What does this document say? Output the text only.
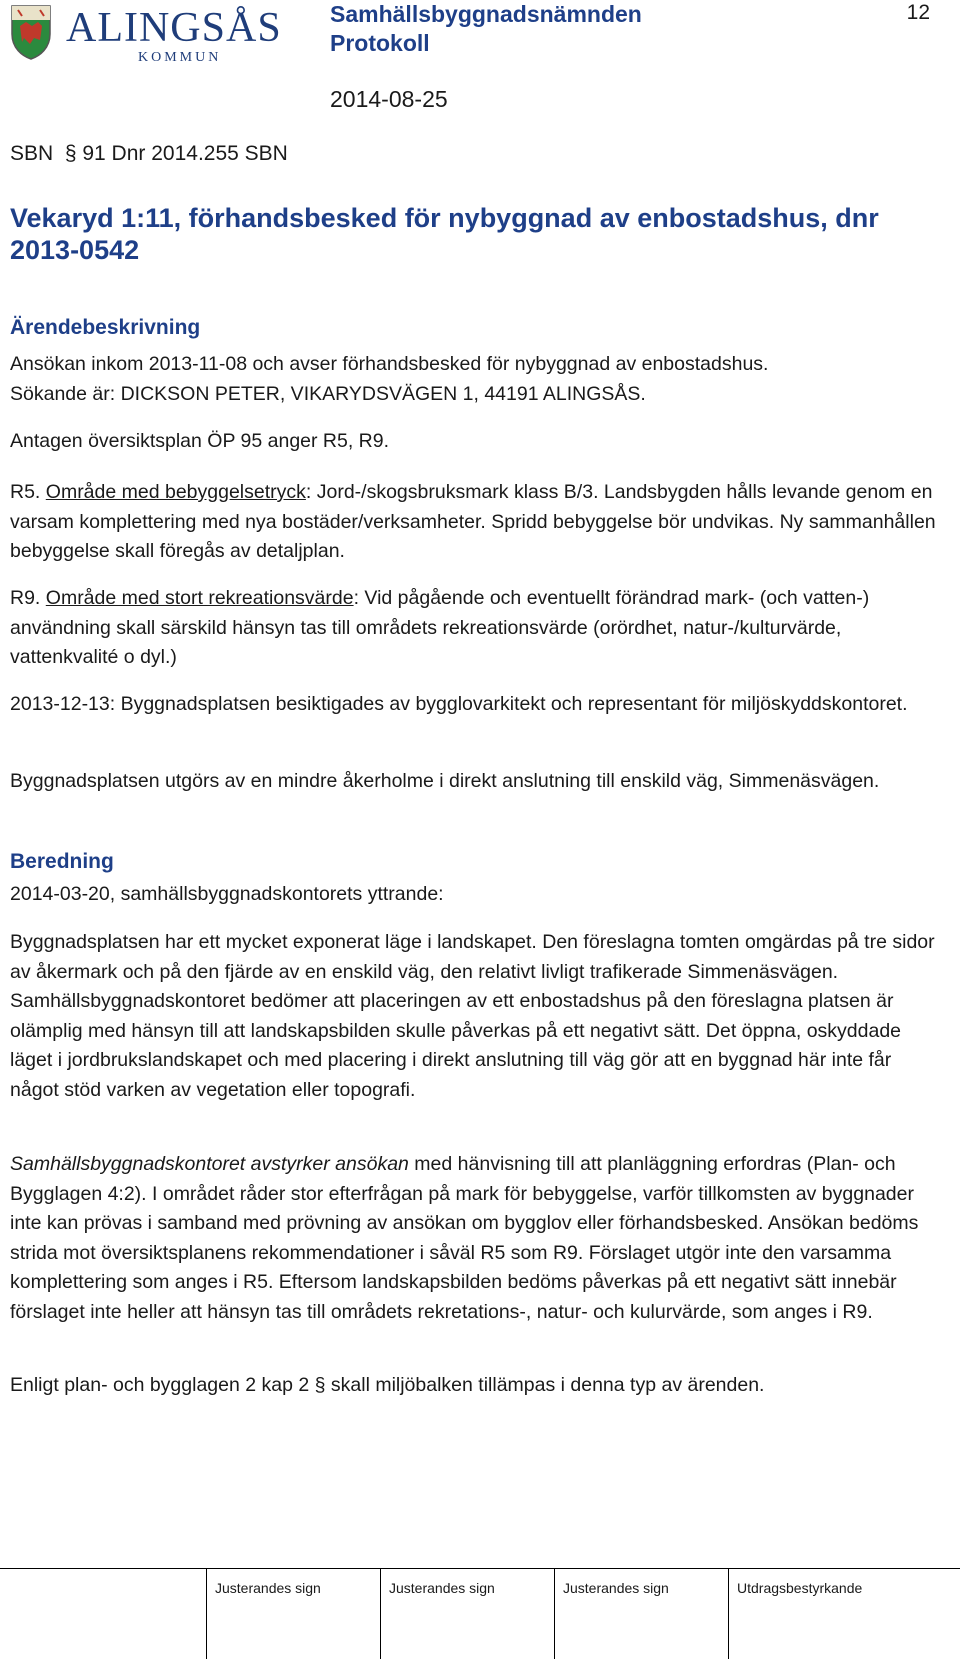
ALINGSÅS
KOMMUN
Samhällsbyggnadsnämnden
Protokoll
12
2014-08-25
SBN  § 91 Dnr 2014.255 SBN
Vekaryd 1:11, förhandsbesked för nybyggnad av enbostadshus, dnr 2013-0542
Ärendebeskrivning

Ansökan inkom 2013-11-08 och avser förhandsbesked för nybyggnad av enbostadshus.

Sökande är: DICKSON PETER, VIKARYDSVÄGEN 1, 44191 ALINGSÅS.

Antagen översiktsplan ÖP 95 anger R5, R9.
R5. Område med bebyggelsetryck: Jord-/skogsbruksmark klass B/3. Landsbygden hålls levande genom en varsam komplettering med nya bostäder/verksamheter. Spridd bebyggelse bör undvikas. Ny sammanhållen bebyggelse skall föregås av detaljplan.
R9. Område med stort rekreationsvärde: Vid pågående och eventuellt förändrad mark- (och vatten-) användning skall särskild hänsyn tas till områdets rekreationsvärde (orördhet, natur-/kulturvärde, vattenkvalité o dyl.)
2013-12-13: Byggnadsplatsen besiktigades av bygglovarkitekt och representant för miljöskyddskontoret.
Byggnadsplatsen utgörs av en mindre åkerholme i direkt anslutning till enskild väg, Simmenäsvägen.
Beredning
2014-03-20, samhällsbyggnadskontorets yttrande:
Byggnadsplatsen har ett mycket exponerat läge i landskapet. Den föreslagna tomten omgärdas på tre sidor av åkermark och på den fjärde av en enskild väg, den relativt livligt trafikerade Simmenäsvägen. Samhällsbyggnadskontoret bedömer att placeringen av ett enbostadshus på den föreslagna platsen är olämplig med hänsyn till att landskapsbilden skulle påverkas på ett negativt sätt. Det öppna, oskyddade läget i jordbrukslandskapet och med placering i direkt anslutning till väg gör att en byggnad här inte får något stöd varken av vegetation eller topografi.
Samhällsbyggnadskontoret avstyrker ansökan med hänvisning till att planläggning erfordras (Plan- och Bygglagen 4:2). I området råder stor efterfrågan på mark för bebyggelse, varför tillkomsten av byggnader inte kan prövas i samband med prövning av ansökan om bygglov eller förhandsbesked. Ansökan bedöms strida mot översiktsplanens rekommendationer i såväl R5 som R9. Förslaget utgör inte den varsamma komplettering som anges i R5. Eftersom landskapsbilden bedöms påverkas på ett negativt sätt innebär förslaget inte heller att hänsyn tas till områdets rekretations-, natur- och kulurvärde, som anges i R9.
Enligt plan- och bygglagen 2 kap 2 § skall miljöbalken tillämpas i denna typ av ärenden.
Justerandes sign	Justerandes sign	Justerandes sign	Utdragsbestyrkande
